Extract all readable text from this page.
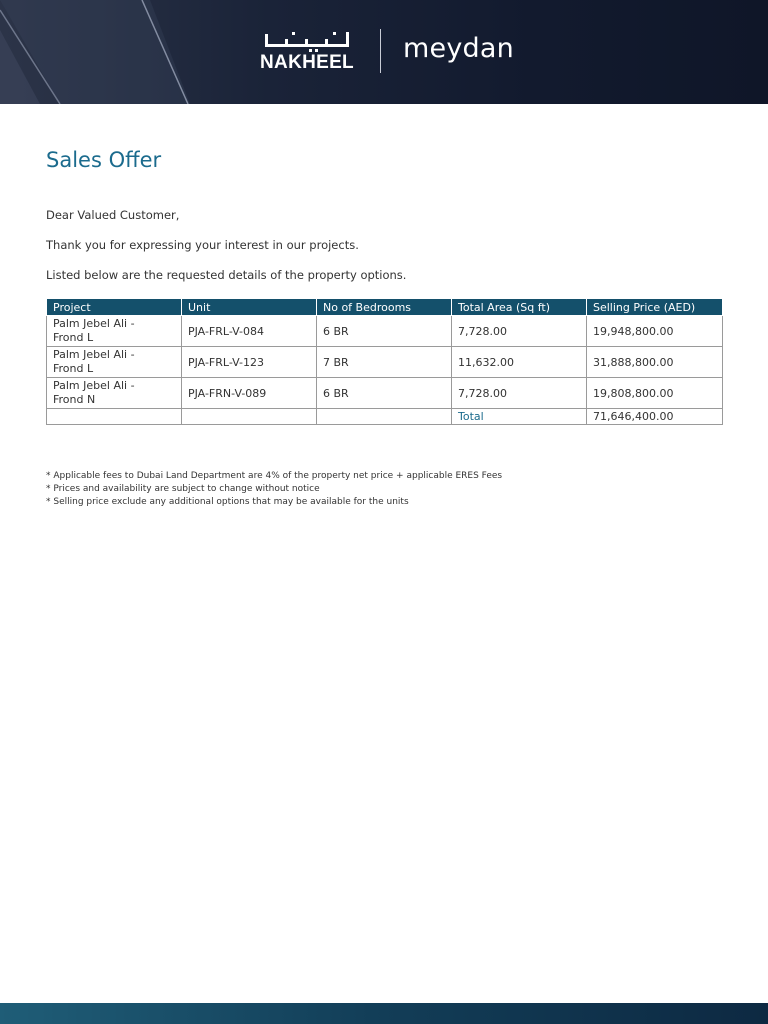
NAKHEEL meydan
Sales Offer
Dear Valued Customer,
Thank you for expressing your interest in our projects.
Listed below are the requested details of the property options.
Project	Unit	No of Bedrooms	Total Area (Sq ft)	Selling Price (AED)

Palm Jebel Ali -
Frond L	PJA-FRL-V-084	6 BR	7,728.00	19,948,800.00

Palm Jebel Ali -
Frond L	PJA-FRL-V-123	7 BR	11,632.00	31,888,800.00

Palm Jebel Ali -
Frond N	PJA-FRN-V-089	6 BR	7,728.00	19,808,800.00
			Total	71,646,400.00
* Applicable fees to Dubai Land Department are 4% of the property net price + applicable ERES Fees
* Prices and availability are subject to change without notice
* Selling price exclude any additional options that may be available for the units
